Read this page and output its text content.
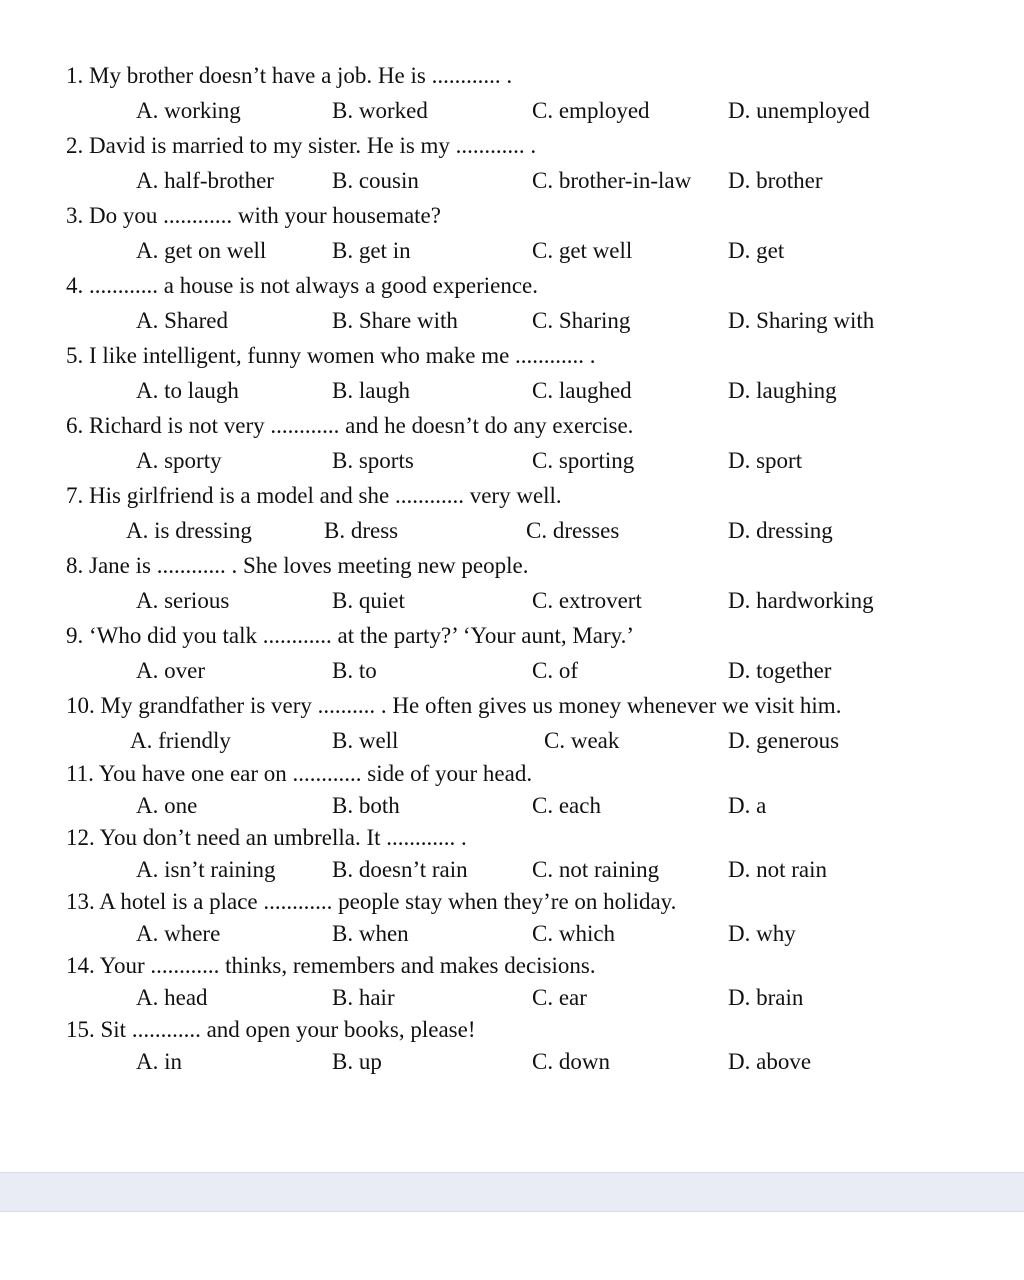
1. My brother doesn’t have a job. He is ............ .
A. working	B. worked	C. employed	D. unemployed
2. David is married to my sister. He is my ............ .
A. half-brother	B. cousin	C. brother-in-law D. brother
3. Do you ............ with your housemate?
A. get on well	B. get in	C. get well	D. get
4. ............ a house is not always a good experience.
A. Shared	B. Share with	C. Sharing	D. Sharing with
5. I like intelligent, funny women who make me ............ .
A. to laugh	B. laugh	C. laughed	D. laughing
6. Richard is not very ............ and he doesn’t do any exercise.
A. sporty	B. sports	C. sporting	D. sport
7. His girlfriend is a model and she ............ very well.
A. is dressing	B. dress	C. dresses	D. dressing
8. Jane is ............ . She loves meeting new people.
A. serious	B. quiet	C. extrovert	D. hardworking
9. ‘Who did you talk ............ at the party?’ ‘Your aunt, Mary.’
A. over	B. to	C. of	D. together
10. My grandfather is very .......... . He often gives us money whenever we visit him.
A. friendly	B. well	C. weak	D. generous
11. You have one ear on ............ side of your head.
A. one	B. both	C. each	D. a
12. You don’t need an umbrella. It ............ .
A. isn’t raining B. doesn’t rain	C. not raining	D. not rain
13. A hotel is a place ............ people stay when they’re on holiday.
A. where	B. when	C. which	D. why
14. Your ............ thinks, remembers and makes decisions.
A. head	B. hair	C. ear	D. brain
15. Sit ............ and open your books, please!
A. in	B. up	C. down	D. above
